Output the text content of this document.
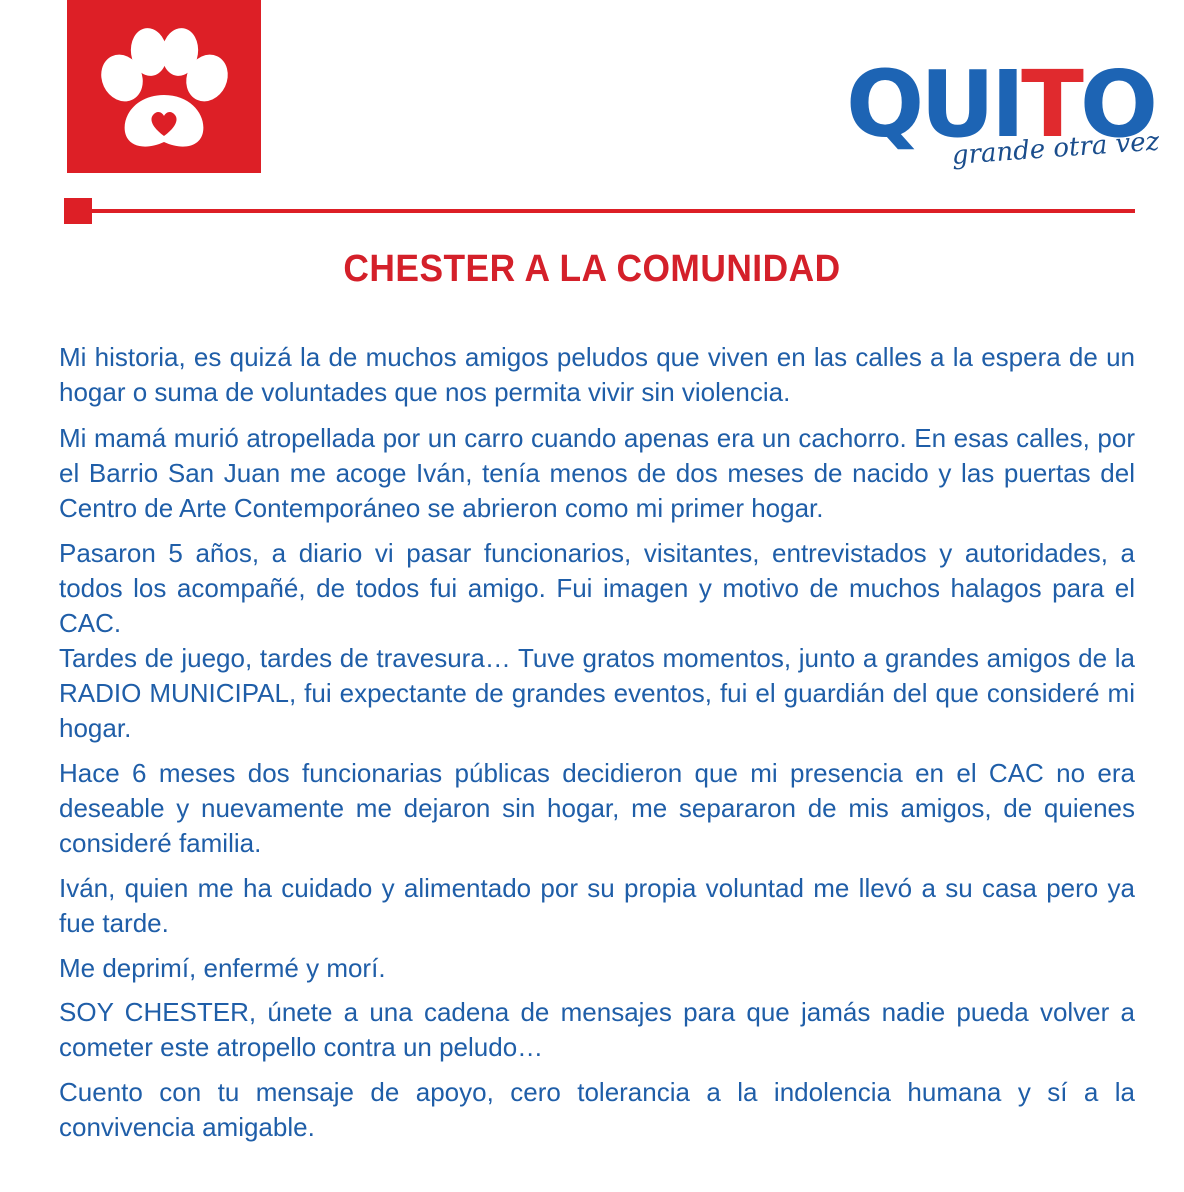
QUITO
grande otra vez
CHESTER A LA COMUNIDAD

Mi historia, es quizá la de muchos amigos peludos que viven en las calles a la espera de un hogar o suma de voluntades que nos permita vivir sin violencia.

Mi mamá murió atropellada por un carro cuando apenas era un cachorro. En esas calles, por el Barrio San Juan me acoge Iván, tenía menos de dos meses de nacido y las puertas del Centro de Arte Contemporáneo se abrieron como mi primer hogar.

Pasaron 5 años, a diario vi pasar funcionarios, visitantes, entrevistados y autoridades, a todos los acompañé, de todos fui amigo. Fui imagen y motivo de muchos halagos para el CAC.

Tardes de juego, tardes de travesura… Tuve gratos momentos, junto a grandes amigos de la RADIO MUNICIPAL, fui expectante de grandes eventos, fui el guardián del que consideré mi hogar.

Hace 6 meses dos funcionarias públicas decidieron que mi presencia en el CAC no era deseable y nuevamente me dejaron sin hogar, me separaron de mis amigos, de quienes consideré familia.

Iván, quien me ha cuidado y alimentado por su propia voluntad me llevó a su casa pero ya fue tarde.

Me deprimí, enfermé y morí.

SOY CHESTER, únete a una cadena de mensajes para que jamás nadie pueda volver a cometer este atropello contra un peludo…

Cuento con tu mensaje de apoyo, cero tolerancia a la indolencia humana y sí a la convivencia amigable.
